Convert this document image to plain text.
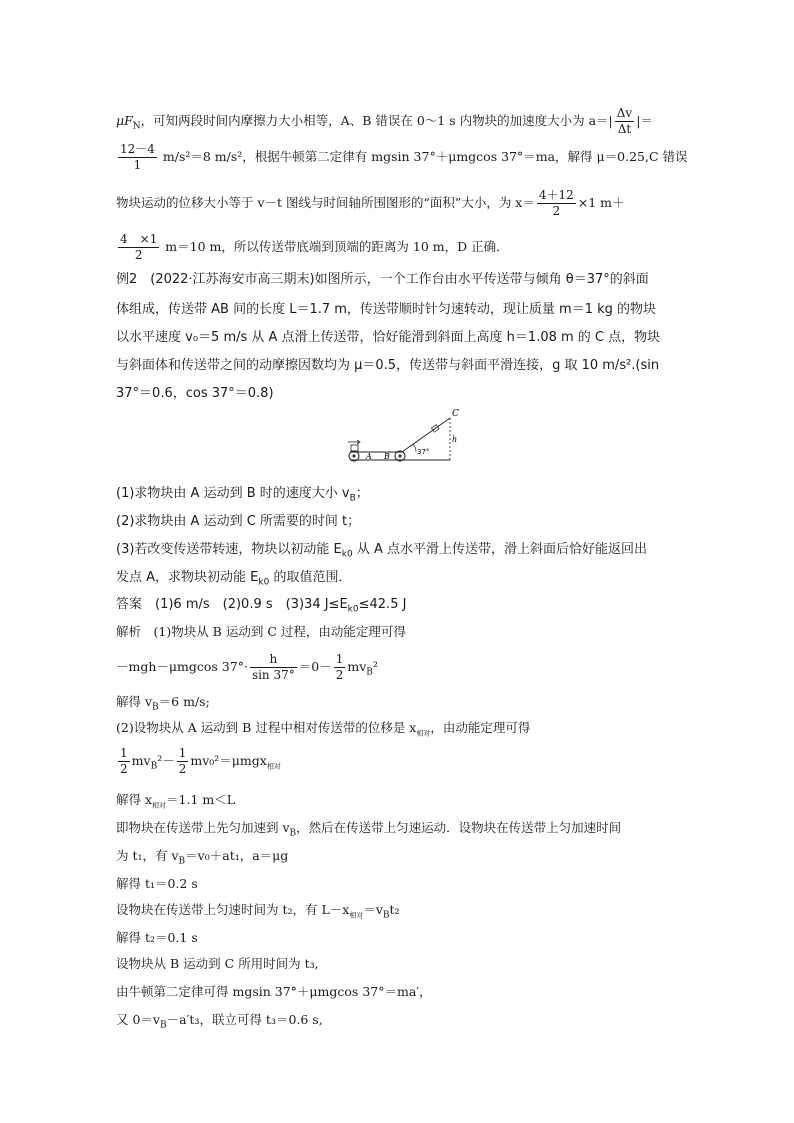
$\mu F_N$，可知两段时间内摩擦力大小相等，A、B 错误在 0～1 s 内物块的加速度大小为 $a=| \frac{\Delta v}{\Delta t}$ |＝
$\frac{12-4}{1} m/s^2=8$ m/s²，根据牛顿第二定律有 mgsin 37°＋μmgcos 37°＝ma，解得 μ＝0.25,C 错误
物块运动的位移大小等于 v－t 图线与时间轴所围图形的“面积”大小，为 $x= \frac{4+12}{2} \times 1$ m＋
$\frac{4 \times 1}{2} m=10$ m，所以传送带底端到顶端的距离为 10 m，D 正确．
例2　(2022·江苏海安市高三期末)如图所示，一个工作台由水平传送带与倾角 θ＝37°的斜面
体组成，传送带 AB 间的长度 L＝1.7 m，传送带顺时针匀速转动，现让质量 m＝1 kg 的物块
以水平速度 v₀＝5 m/s 从 A 点滑上传送带，恰好能滑到斜面上高度 h＝1.08 m 的 C 点，物块
与斜面体和传送带之间的动摩擦因数均为 μ＝0.5，传送带与斜面平滑连接，g 取 10 m/s².(sin
37°＝0.6，cos 37°＝0.8)
A B	37°
C
h
(1)求物块由 A 运动到 B 时的速度大小 $v_B$；
(2)求物块由 A 运动到 C 所需要的时间 t；
(3)若改变传送带转速，物块以初动能 $E_{k0}$ 从 A 点水平滑上传送带，滑上斜面后恰好能返回出
发点 A，求物块初动能 $E_{k0}$ 的取值范围．
答案　(1)6 m/s　(2)0.9 s　(3)34 $J\le E_{k0}\le 42.5$ J
解析　(1)物块从 B 运动到 C 过程，由动能定理可得
－mgh－μmgcos $37^\circ\cdot \frac{h}{\sin 37^\circ} =0- \frac{1}{2} mv_B^2$
解得 $v_B=6$ m/s;
(2)设物块从 A 运动到 B 过程中相对传送带的位移是 $x_{相对}$，由动能定理可得
$\frac{1}{2} mv_B^2- \frac{1}{2} mv_0^2=\mu mgx_{相对}$
解得 $x_{相对}=1.1$ m＜L
即物块在传送带上先匀加速到 $v_B$，然后在传送带上匀速运动．设物块在传送带上匀加速时间
为 t₁，有 $v_B=v_0+at_1$，a＝μg
解得 t₁＝0.2 s
设物块在传送带上匀速时间为 t₂，有 $L-x_{相对}=v_Bt_2$
解得 t₂＝0.1 s
设物块从 B 运动到 C 所用时间为 t₃,
由牛顿第二定律可得 mgsin 37°＋μmgcos 37°＝ma′，
又 $0=v_B-a't_3$，联立可得 t₃＝0.6 s,
